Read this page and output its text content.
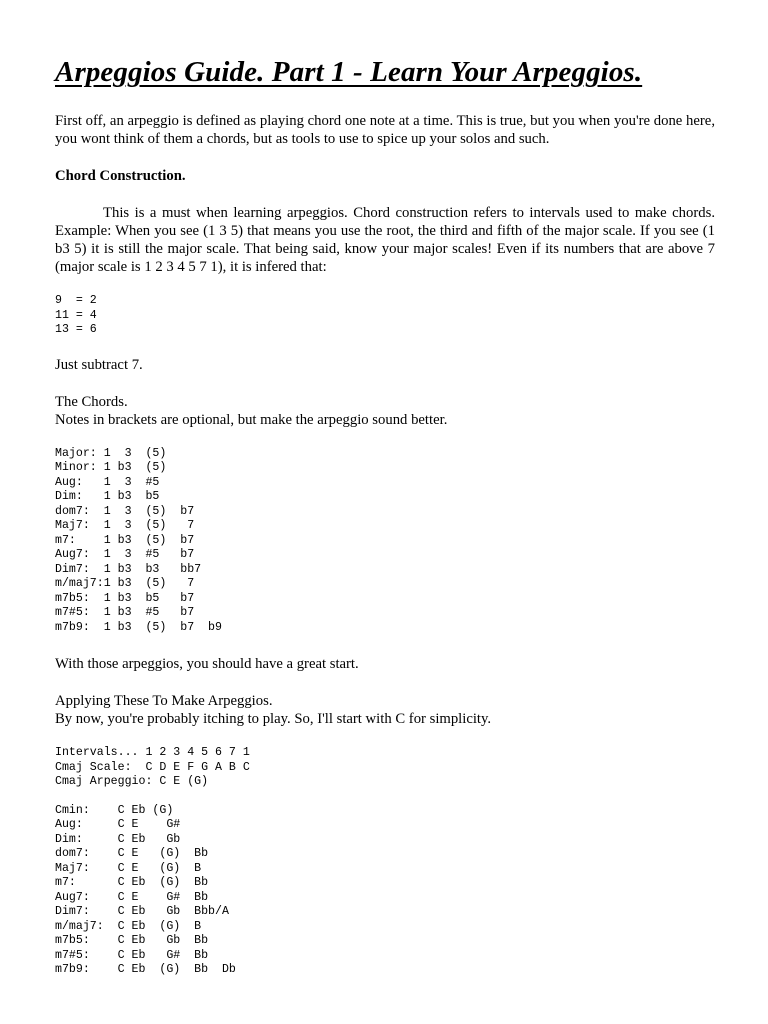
Arpeggios Guide. Part 1 - Learn Your Arpeggios.

First off, an arpeggio is defined as playing chord one note at a time. This is true, but you when you're done here, you wont think of them a chords, but as tools to use to spice up your solos and such.

Chord Construction.

This is a must when learning arpeggios. Chord construction refers to intervals used to make chords. Example: When you see (1 3 5) that means you use the root, the third and fifth of the major scale. If you see (1 b3 5) it is still the major scale. That being said, know your major scales! Even if its numbers that are above 7 (major scale is 1 2 3 4 5 7 1), it is infered that:

9  = 2
11 = 4
13 = 6

Just subtract 7.

The Chords.

Notes in brackets are optional, but make the arpeggio sound better.

Major: 1  3  (5)
Minor: 1 b3  (5)
Aug:   1  3  #5
Dim:   1 b3  b5
dom7:  1  3  (5)  b7
Maj7:  1  3  (5)   7
m7:    1 b3  (5)  b7
Aug7:  1  3  #5   b7
Dim7:  1 b3  b3   bb7
m/maj7:1 b3  (5)   7
m7b5:  1 b3  b5   b7
m7#5:  1 b3  #5   b7
m7b9:  1 b3  (5)  b7  b9

With those arpeggios, you should have a great start.

Applying These To Make Arpeggios.

By now, you're probably itching to play. So, I'll start with C for simplicity.

Intervals... 1 2 3 4 5 6 7 1
Cmaj Scale:  C D E F G A B C
Cmaj Arpeggio: C E (G)
Cmin:    C Eb (G)
Aug:     C E    G#
Dim:     C Eb   Gb
dom7:    C E   (G)  Bb
Maj7:    C E   (G)  B
m7:      C Eb  (G)  Bb
Aug7:    C E    G#  Bb
Dim7:    C Eb   Gb  Bbb/A
m/maj7:  C Eb  (G)  B
m7b5:    C Eb   Gb  Bb
m7#5:    C Eb   G#  Bb
m7b9:    C Eb  (G)  Bb  Db
